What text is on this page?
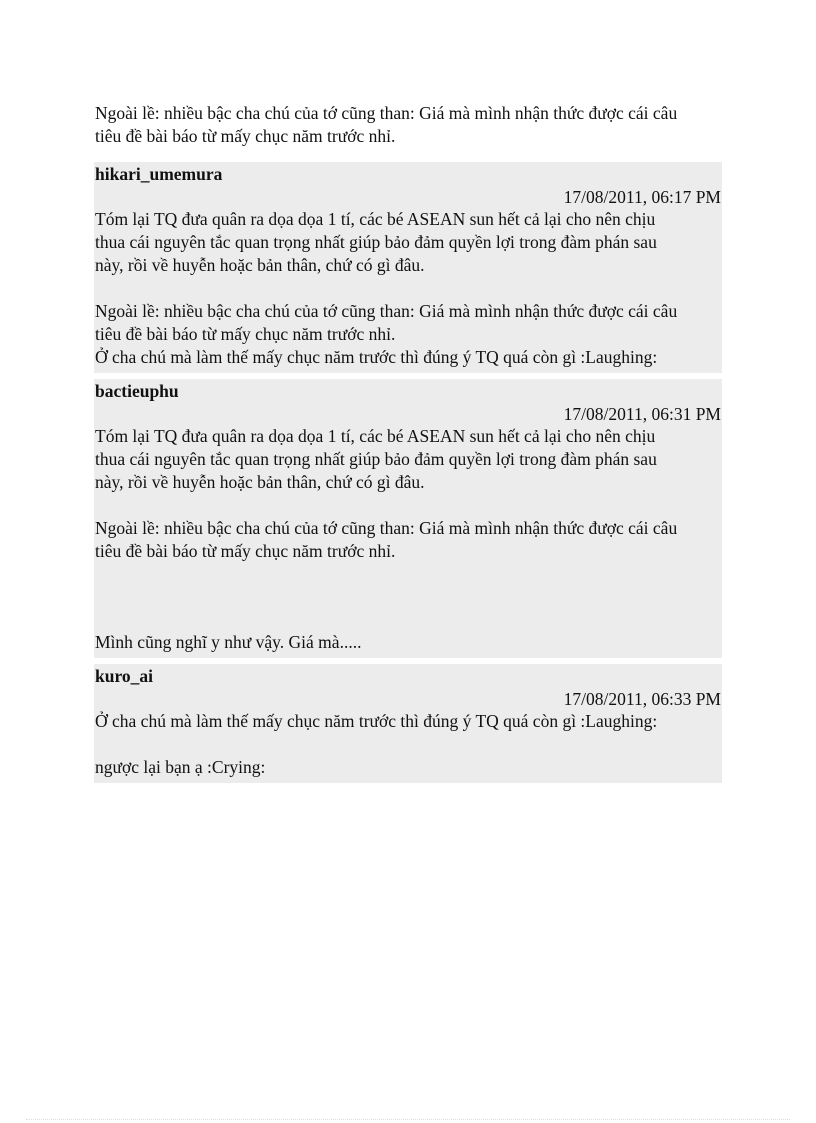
Ngoài lề: nhiều bậc cha chú của tớ cũng than: Giá mà mình nhận thức được cái câu
tiêu đề bài báo từ mấy chục năm trước nhỉ.

hikari_umemura
17/08/2011, 06:17 PM

Tóm lại TQ đưa quân ra dọa dọa 1 tí, các bé ASEAN sun hết cả lại cho nên chịu

thua cái nguyên tắc quan trọng nhất giúp bảo đảm quyền lợi trong đàm phán sau

này, rồi về huyễn hoặc bản thân, chứ có gì đâu.

Ngoài lề: nhiều bậc cha chú của tớ cũng than: Giá mà mình nhận thức được cái câu

tiêu đề bài báo từ mấy chục năm trước nhỉ.

Ở cha chú mà làm thế mấy chục năm trước thì đúng ý TQ quá còn gì :Laughing:

bactieuphu
17/08/2011, 06:31 PM

Tóm lại TQ đưa quân ra dọa dọa 1 tí, các bé ASEAN sun hết cả lại cho nên chịu

thua cái nguyên tắc quan trọng nhất giúp bảo đảm quyền lợi trong đàm phán sau

này, rồi về huyễn hoặc bản thân, chứ có gì đâu.

Ngoài lề: nhiều bậc cha chú của tớ cũng than: Giá mà mình nhận thức được cái câu

tiêu đề bài báo từ mấy chục năm trước nhỉ.

Mình cũng nghĩ y như vậy. Giá mà.....

kuro_ai
17/08/2011, 06:33 PM

Ở cha chú mà làm thế mấy chục năm trước thì đúng ý TQ quá còn gì :Laughing:

ngược lại bạn ạ :Crying:
